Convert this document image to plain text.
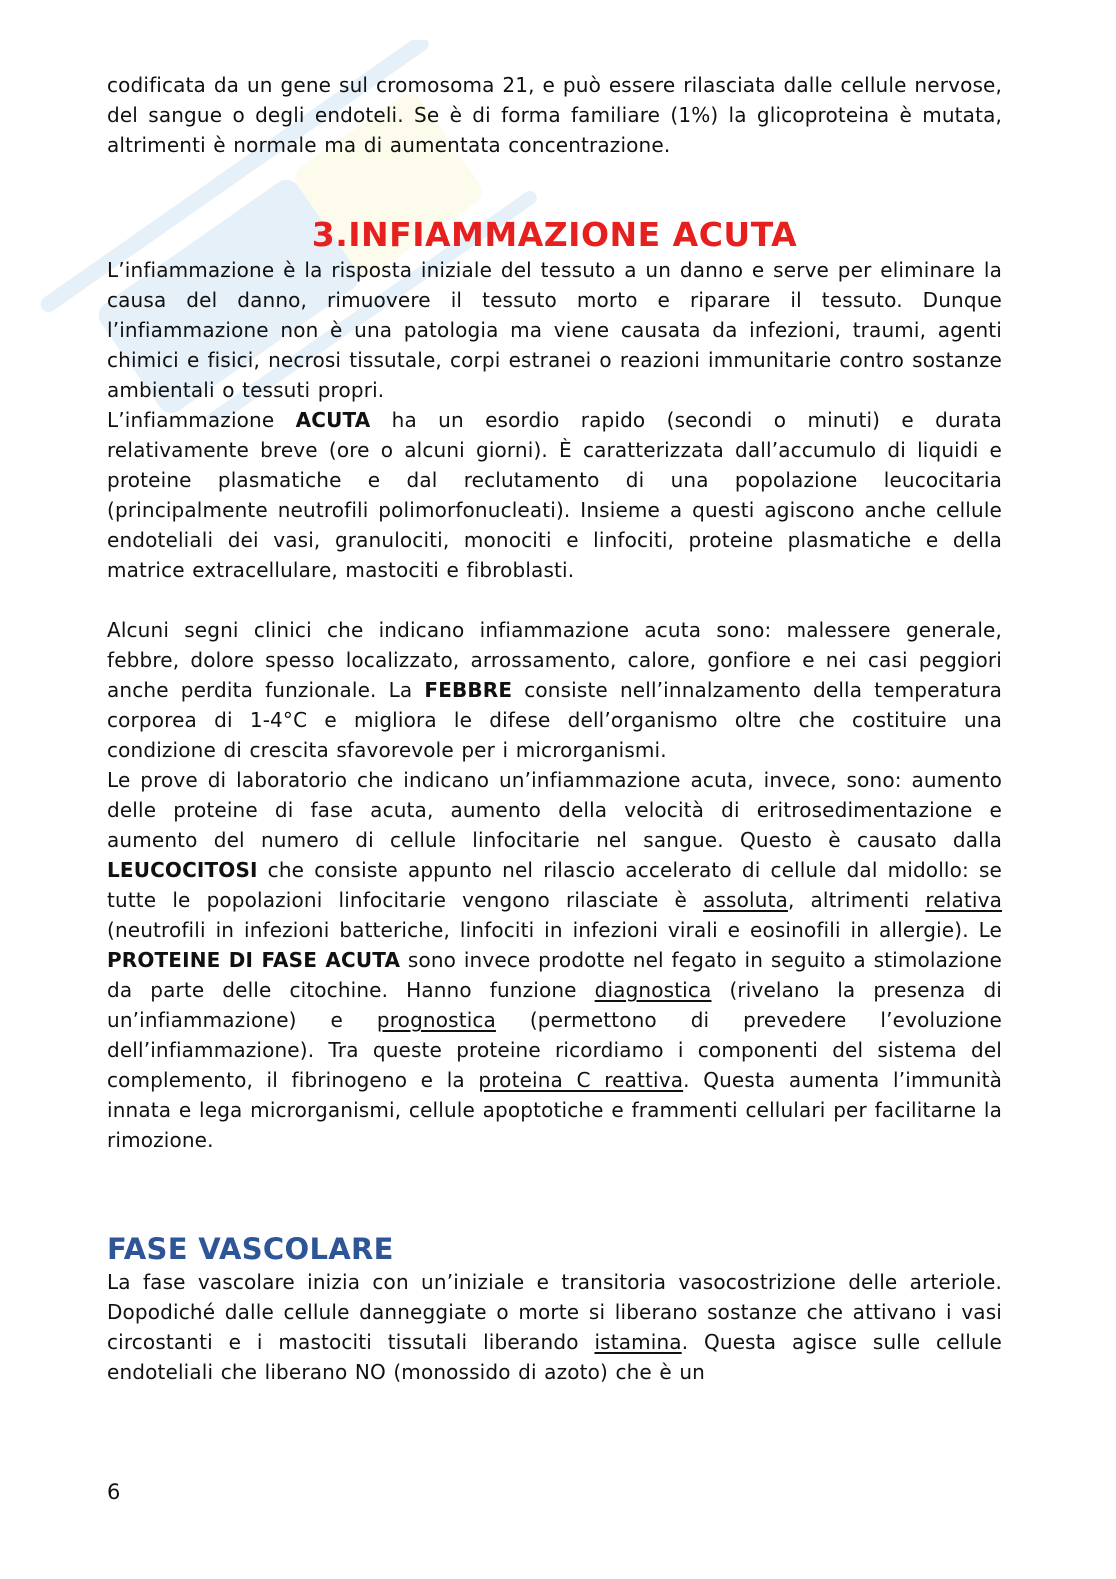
codificata da un gene sul cromosoma 21, e può essere rilasciata dalle cellule nervose, del sangue o degli endoteli. Se è di forma familiare (1%) la glicoproteina è mutata, altrimenti è normale ma di aumentata concentrazione.

3.INFIAMMAZIONE ACUTA

L’infiammazione è la risposta iniziale del tessuto a un danno e serve per eliminare la causa del danno, rimuovere il tessuto morto e riparare il tessuto. Dunque l’infiammazione non è una patologia ma viene causata da infezioni, traumi, agenti chimici e fisici, necrosi tissutale, corpi estranei o reazioni immunitarie contro sostanze ambientali o tessuti propri.

L’infiammazione ACUTA ha un esordio rapido (secondi o minuti) e durata relativamente breve (ore o alcuni giorni). È caratterizzata dall’accumulo di liquidi e proteine plasmatiche e dal reclutamento di una popolazione leucocitaria (principalmente neutrofili polimorfonucleati). Insieme a questi agiscono anche cellule endoteliali dei vasi, granulociti, monociti e linfociti, proteine plasmatiche e della matrice extracellulare, mastociti e fibroblasti.

Alcuni segni clinici che indicano infiammazione acuta sono: malessere generale, febbre, dolore spesso localizzato, arrossamento, calore, gonfiore e nei casi peggiori anche perdita funzionale. La FEBBRE consiste nell’innalzamento della temperatura corporea di 1-4°C e migliora le difese dell’organismo oltre che costituire una condizione di crescita sfavorevole per i microrganismi.

Le prove di laboratorio che indicano un’infiammazione acuta, invece, sono: aumento delle proteine di fase acuta, aumento della velocità di eritrosedimentazione e aumento del numero di cellule linfocitarie nel sangue. Questo è causato dalla LEUCOCITOSI che consiste appunto nel rilascio accelerato di cellule dal midollo: se tutte le popolazioni linfocitarie vengono rilasciate è assoluta, altrimenti relativa (neutrofili in infezioni batteriche, linfociti in infezioni virali e eosinofili in allergie). Le PROTEINE DI FASE ACUTA sono invece prodotte nel fegato in seguito a stimolazione da parte delle citochine. Hanno funzione diagnostica (rivelano la presenza di un’infiammazione) e prognostica (permettono di prevedere l’evoluzione dell’infiammazione). Tra queste proteine ricordiamo i componenti del sistema del complemento, il fibrinogeno e la proteina C reattiva. Questa aumenta l’immunità innata e lega microrganismi, cellule apoptotiche e frammenti cellulari per facilitarne la rimozione.

FASE VASCOLARE

La fase vascolare inizia con un’iniziale e transitoria vasocostrizione delle arteriole. Dopodiché dalle cellule danneggiate o morte si liberano sostanze che attivano i vasi circostanti e i mastociti tissutali liberando istamina. Questa agisce sulle cellule endoteliali che liberano NO (monossido di azoto) che è un

6
